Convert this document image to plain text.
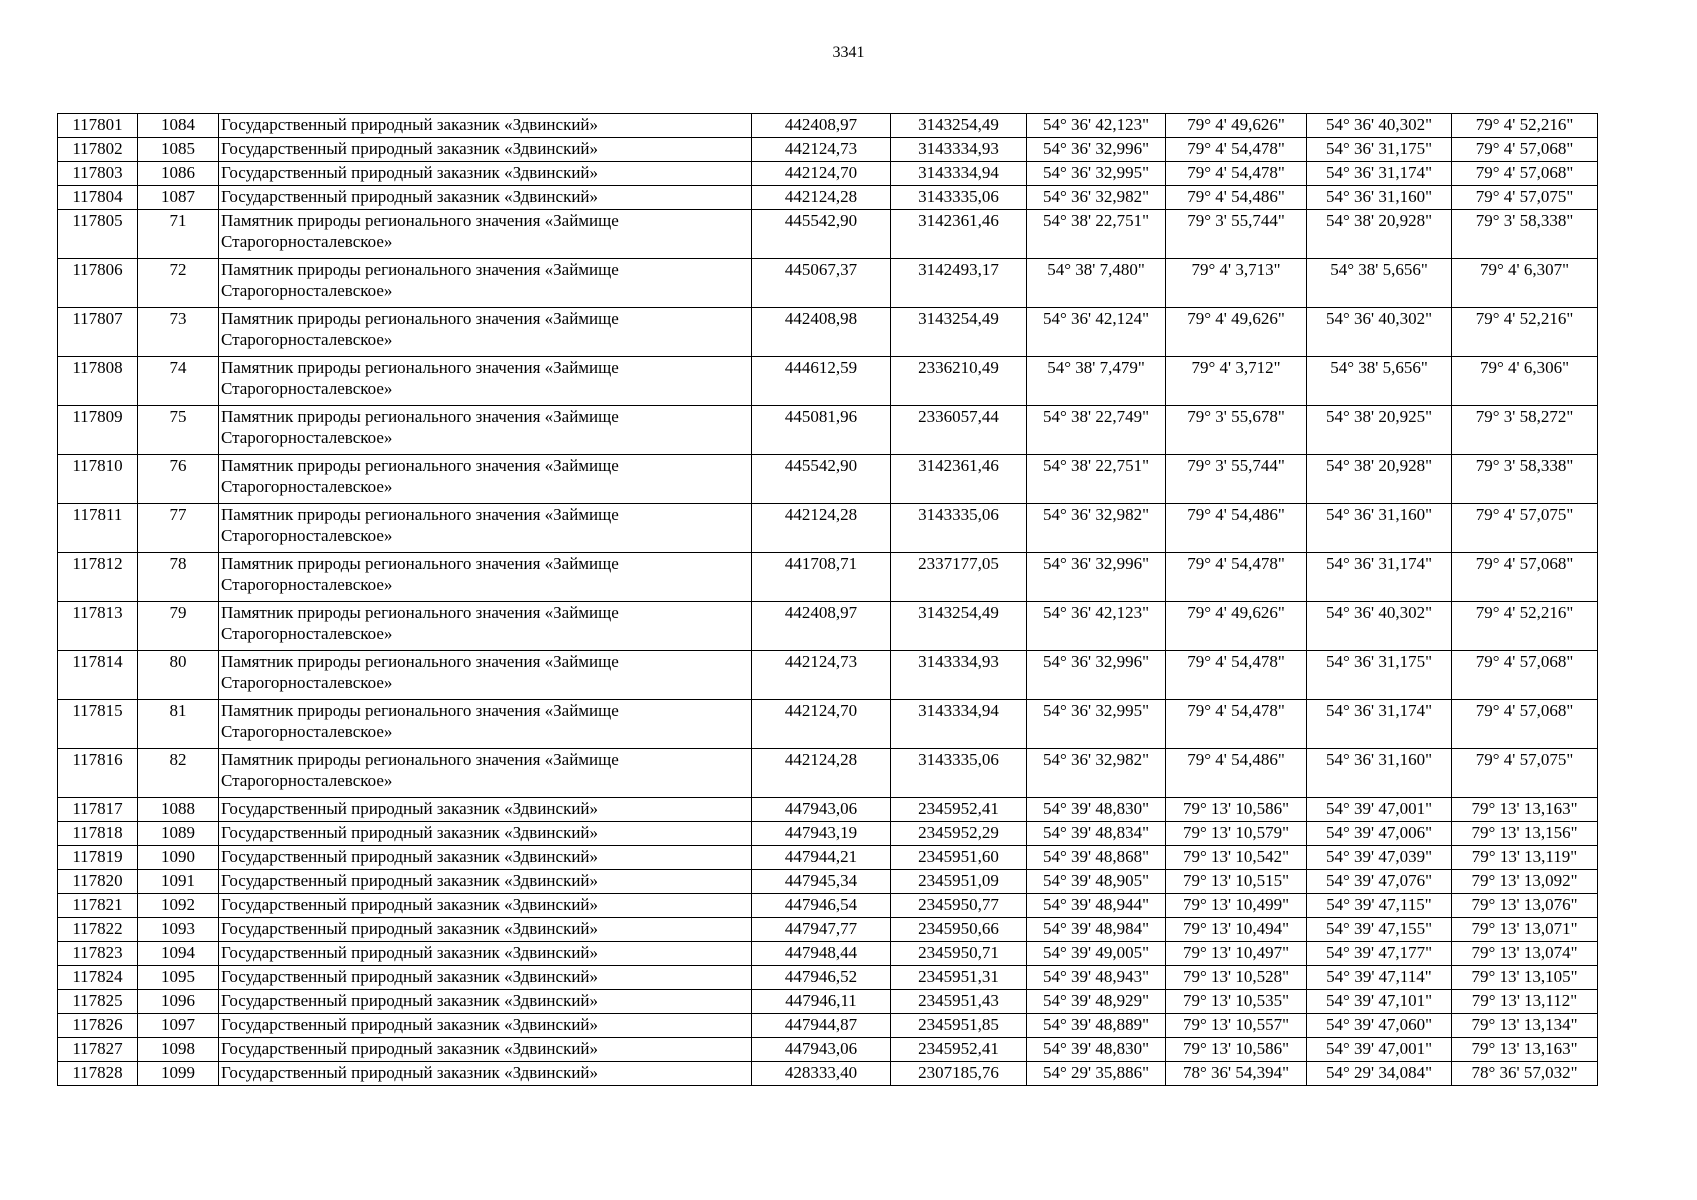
3341
117801	1084	Государственный природный заказник «Здвинский»	442408,97	3143254,49	54° 36' 42,123"	79° 4' 49,626"	54° 36' 40,302"	79° 4' 52,216"
117802	1085	Государственный природный заказник «Здвинский»	442124,73	3143334,93	54° 36' 32,996"	79° 4' 54,478"	54° 36' 31,175"	79° 4' 57,068"
117803	1086	Государственный природный заказник «Здвинский»	442124,70	3143334,94	54° 36' 32,995"	79° 4' 54,478"	54° 36' 31,174"	79° 4' 57,068"
117804	1087	Государственный природный заказник «Здвинский»	442124,28	3143335,06	54° 36' 32,982"	79° 4' 54,486"	54° 36' 31,160"	79° 4' 57,075"
117805	71	Памятник природы регионального значения «Займище Старогорносталевское»	445542,90	3142361,46	54° 38' 22,751"	79° 3' 55,744"	54° 38' 20,928"	79° 3' 58,338"
117806	72	Памятник природы регионального значения «Займище Старогорносталевское»	445067,37	3142493,17	54° 38' 7,480"	79° 4' 3,713"	54° 38' 5,656"	79° 4' 6,307"
117807	73	Памятник природы регионального значения «Займище Старогорносталевское»	442408,98	3143254,49	54° 36' 42,124"	79° 4' 49,626"	54° 36' 40,302"	79° 4' 52,216"
117808	74	Памятник природы регионального значения «Займище Старогорносталевское»	444612,59	2336210,49	54° 38' 7,479"	79° 4' 3,712"	54° 38' 5,656"	79° 4' 6,306"
117809	75	Памятник природы регионального значения «Займище Старогорносталевское»	445081,96	2336057,44	54° 38' 22,749"	79° 3' 55,678"	54° 38' 20,925"	79° 3' 58,272"
117810	76	Памятник природы регионального значения «Займище Старогорносталевское»	445542,90	3142361,46	54° 38' 22,751"	79° 3' 55,744"	54° 38' 20,928"	79° 3' 58,338"
117811	77	Памятник природы регионального значения «Займище Старогорносталевское»	442124,28	3143335,06	54° 36' 32,982"	79° 4' 54,486"	54° 36' 31,160"	79° 4' 57,075"
117812	78	Памятник природы регионального значения «Займище Старогорносталевское»	441708,71	2337177,05	54° 36' 32,996"	79° 4' 54,478"	54° 36' 31,174"	79° 4' 57,068"
117813	79	Памятник природы регионального значения «Займище Старогорносталевское»	442408,97	3143254,49	54° 36' 42,123"	79° 4' 49,626"	54° 36' 40,302"	79° 4' 52,216"
117814	80	Памятник природы регионального значения «Займище Старогорносталевское»	442124,73	3143334,93	54° 36' 32,996"	79° 4' 54,478"	54° 36' 31,175"	79° 4' 57,068"
117815	81	Памятник природы регионального значения «Займище Старогорносталевское»	442124,70	3143334,94	54° 36' 32,995"	79° 4' 54,478"	54° 36' 31,174"	79° 4' 57,068"
117816	82	Памятник природы регионального значения «Займище Старогорносталевское»	442124,28	3143335,06	54° 36' 32,982"	79° 4' 54,486"	54° 36' 31,160"	79° 4' 57,075"
117817	1088	Государственный природный заказник «Здвинский»	447943,06	2345952,41	54° 39' 48,830"	79° 13' 10,586"	54° 39' 47,001"	79° 13' 13,163"
117818	1089	Государственный природный заказник «Здвинский»	447943,19	2345952,29	54° 39' 48,834"	79° 13' 10,579"	54° 39' 47,006"	79° 13' 13,156"
117819	1090	Государственный природный заказник «Здвинский»	447944,21	2345951,60	54° 39' 48,868"	79° 13' 10,542"	54° 39' 47,039"	79° 13' 13,119"
117820	1091	Государственный природный заказник «Здвинский»	447945,34	2345951,09	54° 39' 48,905"	79° 13' 10,515"	54° 39' 47,076"	79° 13' 13,092"
117821	1092	Государственный природный заказник «Здвинский»	447946,54	2345950,77	54° 39' 48,944"	79° 13' 10,499"	54° 39' 47,115"	79° 13' 13,076"
117822	1093	Государственный природный заказник «Здвинский»	447947,77	2345950,66	54° 39' 48,984"	79° 13' 10,494"	54° 39' 47,155"	79° 13' 13,071"
117823	1094	Государственный природный заказник «Здвинский»	447948,44	2345950,71	54° 39' 49,005"	79° 13' 10,497"	54° 39' 47,177"	79° 13' 13,074"
117824	1095	Государственный природный заказник «Здвинский»	447946,52	2345951,31	54° 39' 48,943"	79° 13' 10,528"	54° 39' 47,114"	79° 13' 13,105"
117825	1096	Государственный природный заказник «Здвинский»	447946,11	2345951,43	54° 39' 48,929"	79° 13' 10,535"	54° 39' 47,101"	79° 13' 13,112"
117826	1097	Государственный природный заказник «Здвинский»	447944,87	2345951,85	54° 39' 48,889"	79° 13' 10,557"	54° 39' 47,060"	79° 13' 13,134"
117827	1098	Государственный природный заказник «Здвинский»	447943,06	2345952,41	54° 39' 48,830"	79° 13' 10,586"	54° 39' 47,001"	79° 13' 13,163"
117828	1099	Государственный природный заказник «Здвинский»	428333,40	2307185,76	54° 29' 35,886"	78° 36' 54,394"	54° 29' 34,084"	78° 36' 57,032"
